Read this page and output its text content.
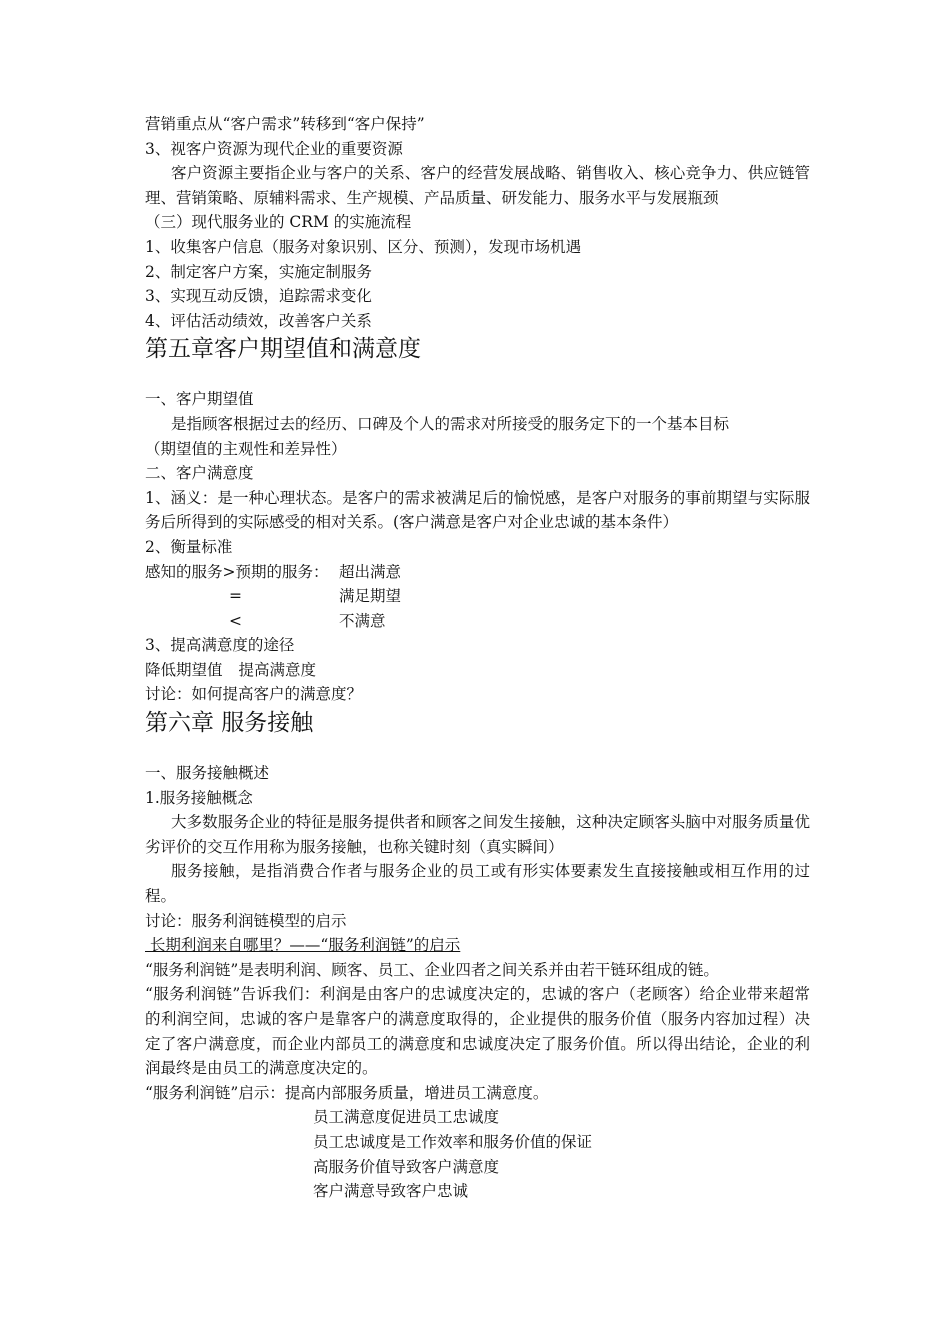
营销重点从“客户需求”转移到“客户保持”
3、视客户资源为现代企业的重要资源
客户资源主要指企业与客户的关系、客户的经营发展战略、销售收入、核心竞争力、供应链管理、营销策略、原辅料需求、生产规模、产品质量、研发能力、服务水平与发展瓶颈
（三）现代服务业的 CRM 的实施流程
1、收集客户信息（服务对象识别、区分、预测），发现市场机遇
2、制定客户方案，实施定制服务
3、实现互动反馈，追踪需求变化
4、评估活动绩效，改善客户关系
第五章客户期望值和满意度
一、客户期望值
是指顾客根据过去的经历、口碑及个人的需求对所接受的服务定下的一个基本目标
（期望值的主观性和差异性）
二、客户满意度
1、涵义：是一种心理状态。是客户的需求被满足后的愉悦感，是客户对服务的事前期望与实际服务后所得到的实际感受的相对关系。(客户满意是客户对企业忠诚的基本条件）
2、衡量标准
感知的服务>预期的服务： 超出满意
=	满足期望
<	不满意
3、提高满意度的途径
降低期望值 提高满意度
讨论：如何提高客户的满意度？
第六章 服务接触
一、服务接触概述
1.服务接触概念
大多数服务企业的特征是服务提供者和顾客之间发生接触，这种决定顾客头脑中对服务质量优劣评价的交互作用称为服务接触，也称关键时刻（真实瞬间）
服务接触，是指消费合作者与服务企业的员工或有形实体要素发生直接接触或相互作用的过程。
讨论：服务利润链模型的启示
长期利润来自哪里？——“服务利润链”的启示
“服务利润链”是表明利润、顾客、员工、企业四者之间关系并由若干链环组成的链。
“服务利润链”告诉我们：利润是由客户的忠诚度决定的，忠诚的客户（老顾客）给企业带来超常的利润空间，忠诚的客户是靠客户的满意度取得的，企业提供的服务价值（服务内容加过程）决定了客户满意度，而企业内部员工的满意度和忠诚度决定了服务价值。所以得出结论，企业的利润最终是由员工的满意度决定的。
“服务利润链”启示：提高内部服务质量，增进员工满意度。
员工满意度促进员工忠诚度
员工忠诚度是工作效率和服务价值的保证
高服务价值导致客户满意度
客户满意导致客户忠诚
